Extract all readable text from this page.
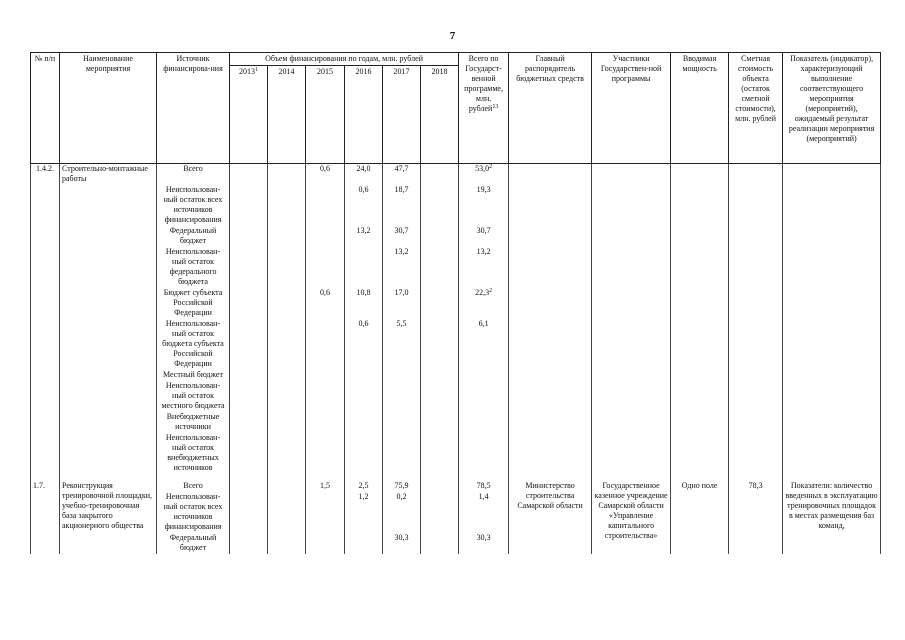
7
№ п/п	Наименование мероприятия	Источник финансирова-ния	Объем финансирования по годам, млн. рублей						Всего по Государст-венной программе, млн. рублей$^{13}$	Главный распорядитель бюджетных средств	Участники Государствен-ной программы	Вводимая мощность	Сметная стоимость объекта (остаток сметной стоимости), млн. рублей	Показатель (индикатор), характеризующий выполнение соответствующего мероприятия (мероприятий), ожидаемый результат реализации мероприятия (мероприятий)
			2013$^1$	2014	2015	2016	2017	2018						
1.4.2.	Строительно-монтажные работы	Всего			0,6	24,0	47,7		53,0$^2$					
		Неиспользован-ный остаток всех источников финансирования				0,6	18,7		19,3					
		Федеральный бюджет				13,2	30,7		30,7					
		Неиспользован-ный остаток федерального бюджета					13,2		13,2					
		Бюджет субъекта Российской Федерации			0,6	10,8	17,0		22,3$^2$					
		Неиспользован-ный остаток бюджета субъекта Российской Федерации				0,6	5,5		6,1					
		Местный бюджет												
		Неиспользован-ный остаток местного бюджета												
		Внебюджетные источники												
		Неиспользован-ный остаток внебюджетных источников												

1.7.	Реконструкция тренировочной площадки, учебно-тренировочная база закрытого акционерного общества	Всего			1,5	2,5	75,9		78,5	Министерство строительства Самарской области	Государственное казенное учреждение Самарской области «Управление капитального строительства»	Одно поле	78,3	Показатели: количество введенных в эксплуатацию тренировочных площадок в местах размещения баз команд,
		Неиспользован-ный остаток всех источников финансирования				1,2	0,2		1,4					
		Федеральный бюджет					30,3		30,3					
